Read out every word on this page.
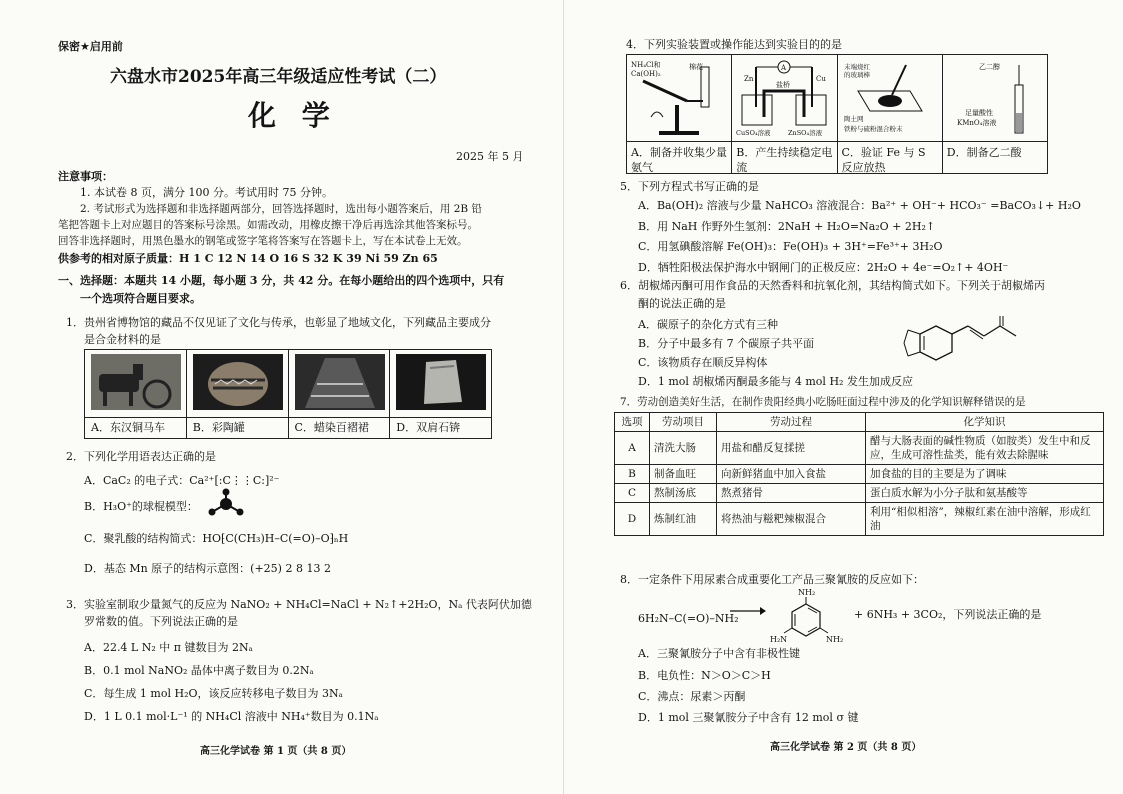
保密★启用前
六盘水市2025年高三年级适应性考试（二）
化 学
2025 年 5 月
注意事项：
1. 本试卷 8 页，满分 100 分。考试用时 75 分钟。
2. 考试形式为选择题和非选择题两部分，回答选择题时，选出每小题答案后，用 2B 铅
笔把答题卡上对应题目的答案标号涂黑。如需改动，用橡皮擦干净后再选涂其他答案标号。
回答非选择题时，用黑色墨水的钢笔或签字笔将答案写在答题卡上，写在本试卷上无效。
供参考的相对原子质量：H 1 C 12 N 14 O 16 S 32 K 39 Ni 59 Zn 65
一、选择题：本题共 14 小题，每小题 3 分，共 42 分。在每小题给出的四个选项中，只有
一个选项符合题目要求。
1．贵州省博物馆的藏品不仅见证了文化与传承，也彰显了地域文化，下列藏品主要成分
是合金材料的是
A．东汉铜马车	B．彩陶罐	C．蜡染百褶裙	D．双肩石锛
2．下列化学用语表达正确的是
A．CaC₂ 的电子式：Ca²⁺[:C⋮⋮C:]²⁻
B．H₃O⁺的球棍模型：
C．聚乳酸的结构简式：HO⁅C(CH₃)H–C(=O)–O⁆ₙH
D．基态 Mn 原子的结构示意图：(+25) 2 8 13 2
3．实验室制取少量氮气的反应为 NaNO₂ + NH₄Cl=NaCl + N₂↑+2H₂O，Nₐ 代表阿伏加德
罗常数的值。下列说法正确的是
A．22.4 L N₂ 中 π 键数目为 2Nₐ
B．0.1 mol NaNO₂ 晶体中离子数目为 0.2Nₐ
C．每生成 1 mol H₂O，该反应转移电子数目为 3Nₐ
D．1 L 0.1 mol·L⁻¹ 的 NH₄Cl 溶液中 NH₄⁺数目为 0.1Nₐ
高三化学试卷 第 1 页（共 8 页）
4．下列实验装置或操作能达到实验目的的是
NH₄Cl和
Ca(OH)₂
棉花
A．制备并收集少量氨气
A
Zn	Cu
盐桥
CuSO₄溶液	ZnSO₄溶液
B．产生持续稳定电流
末端烧红
的玻璃棒
陶土网
铁粉与硫粉混合粉末
C．验证 Fe 与 S 反应放热
乙二醇
足量酸性
KMnO₄溶液
D．制备乙二酸
5．下列方程式书写正确的是
A．Ba(OH)₂ 溶液与少量 NaHCO₃ 溶液混合：Ba²⁺ + OH⁻+ HCO₃⁻ =BaCO₃↓+ H₂O
B．用 NaH 作野外生氢剂：2NaH + H₂O=Na₂O + 2H₂↑
C．用氢碘酸溶解 Fe(OH)₃：Fe(OH)₃ + 3H⁺=Fe³⁺+ 3H₂O
D．牺牲阳极法保护海水中钢闸门的正极反应：2H₂O + 4e⁻=O₂↑+ 4OH⁻
6．胡椒烯丙酮可用作食品的天然香料和抗氧化剂，其结构简式如下。下列关于胡椒烯丙
酮的说法正确的是
A．碳原子的杂化方式有三种
B．分子中最多有 7 个碳原子共平面
C．该物质存在顺反异构体
D．1 mol 胡椒烯丙酮最多能与 4 mol H₂ 发生加成反应
7．劳动创造美好生活，在制作贵阳经典小吃肠旺面过程中涉及的化学知识解释错误的是
选项	劳动项目	劳动过程	化学知识
A	清洗大肠	用盐和醋反复揉搓	醋与大肠表面的碱性物质（如胺类）发生中和反应，生成可溶性盐类，能有效去除腥味
B	制备血旺	向新鲜猪血中加入食盐	加食盐的目的主要是为了调味
C	熬制汤底	熬煮猪骨	蛋白质水解为小分子肽和氨基酸等
D	炼制红油	将热油与糍粑辣椒混合	利用“相似相溶”，辣椒红素在油中溶解，形成红油
8．一定条件下用尿素合成重要化工产品三聚氰胺的反应如下：
6H₂N–C(=O)–NH₂
NH₂
H₂N	NH₂
+ 6NH₃ + 3CO₂，下列说法正确的是
A．三聚氰胺分子中含有非极性键
B．电负性：N＞O＞C＞H
C．沸点：尿素＞丙酮
D．1 mol 三聚氰胺分子中含有 12 mol σ 键
高三化学试卷 第 2 页（共 8 页）
